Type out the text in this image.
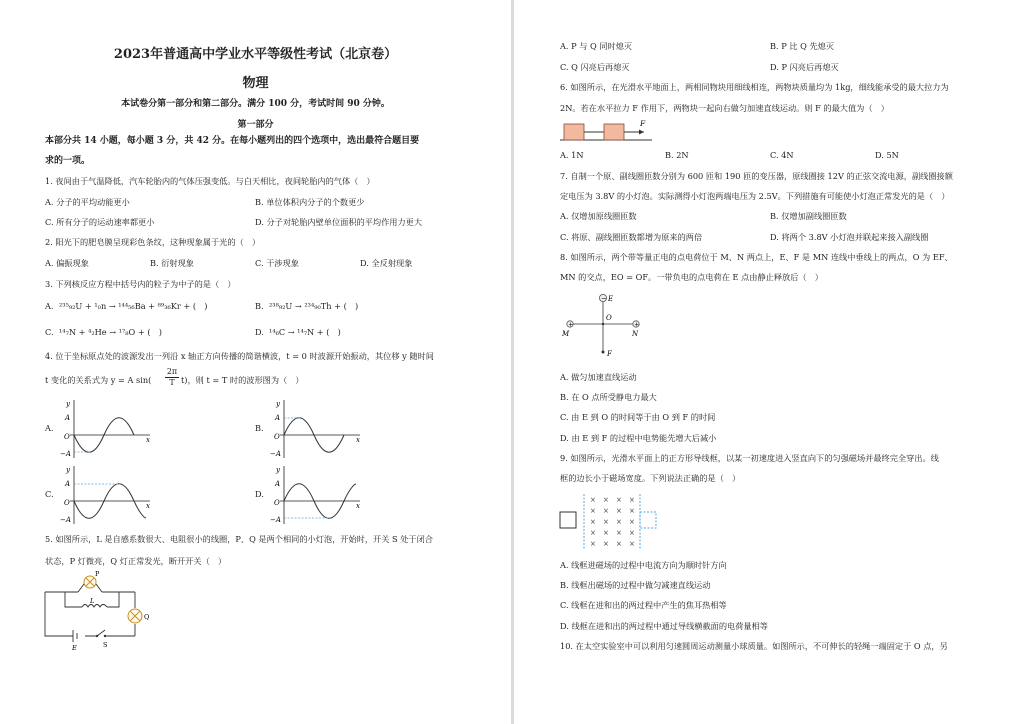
2023年普通高中学业水平等级性考试（北京卷）
物理
本试卷分第一部分和第二部分。满分 100 分，考试时间 90 分钟。
第一部分
本部分共 14 小题，每小题 3 分，共 42 分。在每小题列出的四个选项中，选出最符合题目要
求的一项。
1. 夜间由于气温降低，汽车轮胎内的气体压强变低。与白天相比，夜间轮胎内的气体（　）
A. 分子的平均动能更小	B. 单位体积内分子的个数更少
C. 所有分子的运动速率都更小	D. 分子对轮胎内壁单位面积的平均作用力更大
2. 阳光下的肥皂膜呈现彩色条纹，这种现象属于光的（　）
A. 偏振现象	B. 衍射现象	C. 干涉现象	D. 全反射现象
3. 下列核反应方程中括号内的粒子为中子的是（　）
A. ²³⁵₉₂U + ¹₀n → ¹⁴⁴₅₆Ba + ⁸⁹₃₆Kr + (　)	B. ²³⁸₉₂U → ²³⁴₉₀Th + (　)
C. ¹⁴₇N + ⁴₂He → ¹⁷₈O + (　)	D. ¹⁴₆C → ¹⁴₇N + (　)
4. 位于坐标原点处的波源发出一列沿 x 轴正方向传播的简谐横波，t = 0 时波源开始振动，其位移 y 随时间
t 变化的关系式为 y = A $\sin( \frac{2\pi}{T} t)$，则 t = T 时的波形图为（　）
A.	B.
C.	D.
y
A
O
−A
x
y
A
O
−A
x
y
A
O
−A
x
y
A
O
−A
x
5. 如图所示，L 是自感系数很大、电阻很小的线圈，P、Q 是两个相同的小灯泡，开始时，开关 S 处于闭合
状态，P 灯微亮，Q 灯正常发光，断开开关（　）
P
L
Q
E	S
A. P 与 Q 同时熄灭	B. P 比 Q 先熄灭
C. Q 闪亮后再熄灭	D. P 闪亮后再熄灭
6. 如图所示，在光滑水平地面上，两相同物块用细线相连，两物块质量均为 1kg，细线能承受的最大拉力为
2N。若在水平拉力 F 作用下，两物块一起向右做匀加速直线运动。则 F 的最大值为（　）
F
A. 1N	B. 2N	C. 4N	D. 5N
7. 自制一个原、副线圈匝数分别为 600 匝和 190 匝的变压器，原线圈接 12V 的正弦交流电源，副线圈接额
定电压为 3.8V 的小灯泡。实际测得小灯泡两端电压为 2.5V。下列措施有可能使小灯泡正常发光的是（　）
A. 仅增加原线圈匝数	B. 仅增加副线圈匝数
C. 将原、副线圈匝数都增为原来的两倍	D. 将两个 3.8V 小灯泡并联起来接入副线圈
8. 如图所示，两个带等量正电的点电荷位于 M、N 两点上，E、F 是 MN 连线中垂线上的两点，O 为 EF、
MN 的交点，EO = OF。一带负电的点电荷在 E 点由静止释放后（　）
+	+
− E
O
M	N
F
A. 做匀加速直线运动
B. 在 O 点所受静电力最大
C. 由 E 到 O 的时间等于由 O 到 F 的时间
D. 由 E 到 F 的过程中电势能先增大后减小
9. 如图所示，光滑水平面上的正方形导线框，以某一初速度进入竖直向下的匀强磁场并最终完全穿出。线
框的边长小于磁场宽度。下列说法正确的是（　）
× × × ×
× × × ×
× × × ×
× × × ×
× × × ×
A. 线框进磁场的过程中电流方向为顺时针方向
B. 线框出磁场的过程中做匀减速直线运动
C. 线框在进和出的两过程中产生的焦耳热相等
D. 线框在进和出的两过程中通过导线横截面的电荷量相等
10. 在太空实验室中可以利用匀速圆周运动测量小球质量。如图所示，不可伸长的轻绳一端固定于 O 点，另
